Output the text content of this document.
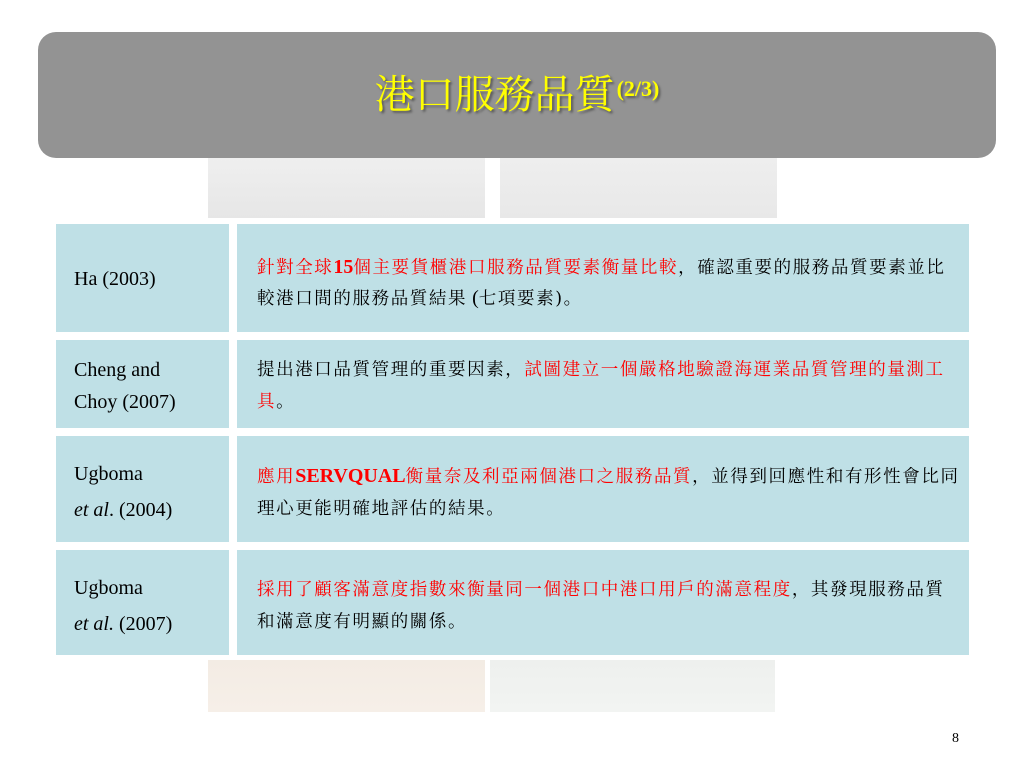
港口服務品質 (2/3)
Ha (2003)	針對全球15個主要貨櫃港口服務品質要素衡量比較，確認重要的服務品質要素並比較港口間的服務品質結果 (七項要素)。
Cheng and
Choy (2007)
提出港口品質管理的重要因素，試圖建立一個嚴格地驗證海運業品質管理的量測工具。
Ugboma
et al. (2004)
應用SERVQUAL衡量奈及利亞兩個港口之服務品質，並得到回應性和有形性會比同理心更能明確地評估的結果。
Ugboma
et al. (2007)
採用了顧客滿意度指數來衡量同一個港口中港口用戶的滿意程度，其發現服務品質和滿意度有明顯的關係。
8
